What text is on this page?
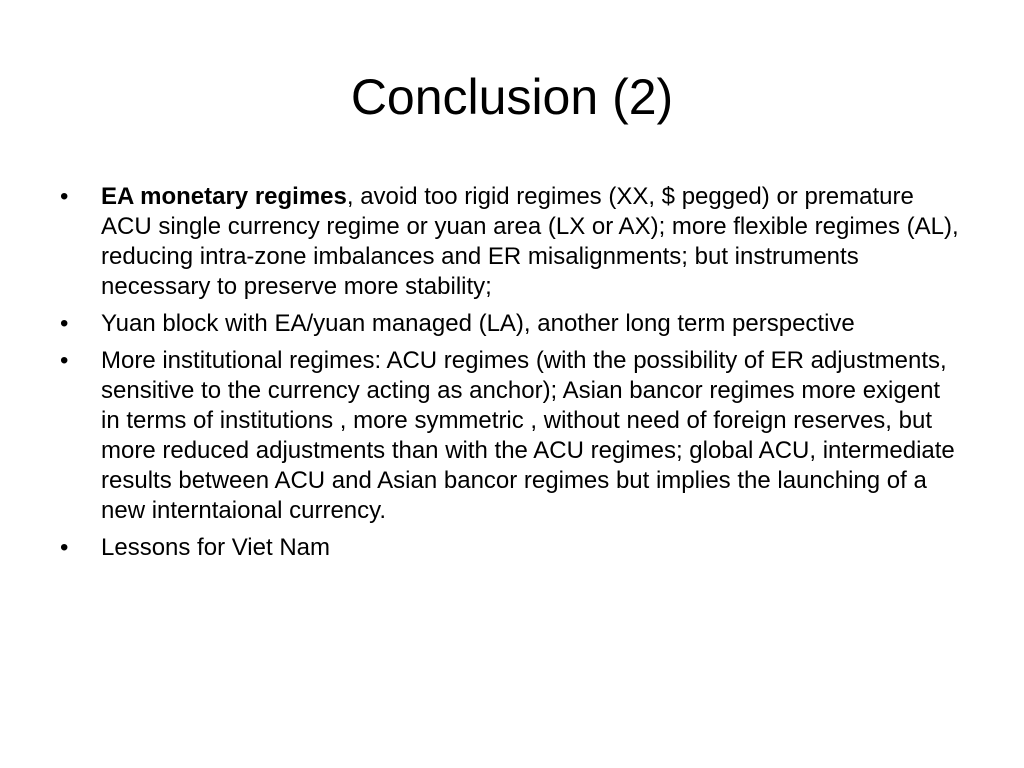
Conclusion (2)
•	EA monetary regimes, avoid too rigid regimes (XX, $ pegged) or premature ACU single currency regime or yuan area (LX or AX); more flexible regimes (AL), reducing intra-zone imbalances and ER misalignments; but instruments necessary to preserve more stability;
•	Yuan block with EA/yuan managed (LA), another long term perspective
•	More institutional regimes: ACU regimes (with the possibility of ER adjustments, sensitive to the currency acting as anchor); Asian bancor regimes more exigent in terms of institutions , more symmetric , without need of foreign reserves, but more reduced adjustments than with the ACU regimes; global ACU, intermediate results between ACU and Asian bancor regimes but implies the launching of a new interntaional currency.
•	Lessons for Viet Nam
